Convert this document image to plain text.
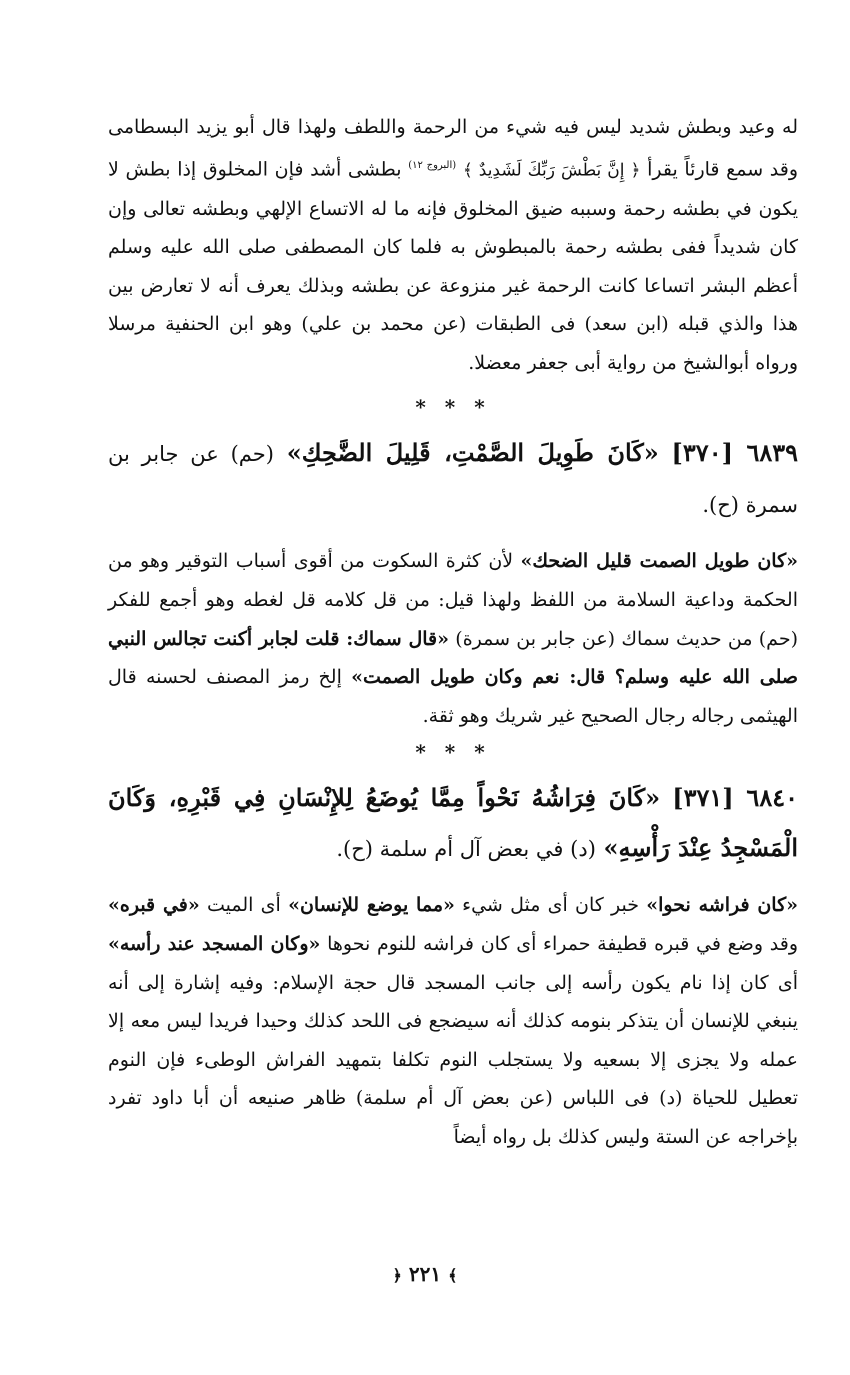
له وعيد وبطش شديد ليس فيه شيء من الرحمة واللطف ولهذا قال أبو يزيد البسطامى وقد سمع قارئاً يقرأ ﴿ إِنَّ بَطْشَ رَبِّكَ لَشَدِيدٌ ﴾ $^{(البروج ١٢)}$ بطشى أشد فإن المخلوق إذا بطش لا يكون في بطشه رحمة وسببه ضيق المخلوق فإنه ما له الاتساع الإلهي وبطشه تعالى وإن كان شديداً ففى بطشه رحمة بالمبطوش به فلما كان المصطفى صلى الله عليه وسلم أعظم البشر اتساعا كانت الرحمة غير منزوعة عن بطشه وبذلك يعرف أنه لا تعارض بين هذا والذي قبله (ابن سعد) فى الطبقات (عن محمد بن علي) وهو ابن الحنفية مرسلا ورواه أبوالشيخ من رواية أبى جعفر معضلا.

* * *

٦٨٣٩ [٣٧٠] «كَانَ طَوِيلَ الصَّمْتِ، قَلِيلَ الضَّحِكِ» (حم) عن جابر بن سمرة (ح).

«كان طويل الصمت قليل الضحك» لأن كثرة السكوت من أقوى أسباب التوقير وهو من الحكمة وداعية السلامة من اللفظ ولهذا قيل: من قل كلامه قل لغطه وهو أجمع للفكر (حم) من حديث سماك (عن جابر بن سمرة) «قال سماك: قلت لجابر أكنت تجالس النبي صلى الله عليه وسلم؟ قال: نعم وكان طويل الصمت» إلخ رمز المصنف لحسنه قال الهيثمى رجاله رجال الصحيح غير شريك وهو ثقة.

* * *

٦٨٤٠ [٣٧١] «كَانَ فِرَاشُهُ نَحْواً مِمَّا يُوضَعُ لِلإِنْسَانِ فِي قَبْرِهِ، وَكَانَ الْمَسْجِدُ عِنْدَ رَأْسِهِ» (د) في بعض آل أم سلمة (ح).

«كان فراشه نحوا» خبر كان أى مثل شيء «مما يوضع للإنسان» أى الميت «في قبره» وقد وضع في قبره قطيفة حمراء أى كان فراشه للنوم نحوها «وكان المسجد عند رأسه» أى كان إذا نام يكون رأسه إلى جانب المسجد قال حجة الإسلام: وفيه إشارة إلى أنه ينبغي للإنسان أن يتذكر بنومه كذلك أنه سيضجع فى اللحد كذلك وحيدا فريدا ليس معه إلا عمله ولا يجزى إلا بسعيه ولا يستجلب النوم تكلفا بتمهيد الفراش الوطىء فإن النوم تعطيل للحياة (د) فى اللباس (عن بعض آل أم سلمة) ظاهر صنيعه أن أبا داود تفرد بإخراجه عن الستة وليس كذلك بل رواه أيضاً

﴾ ٢٢١ ﴿
